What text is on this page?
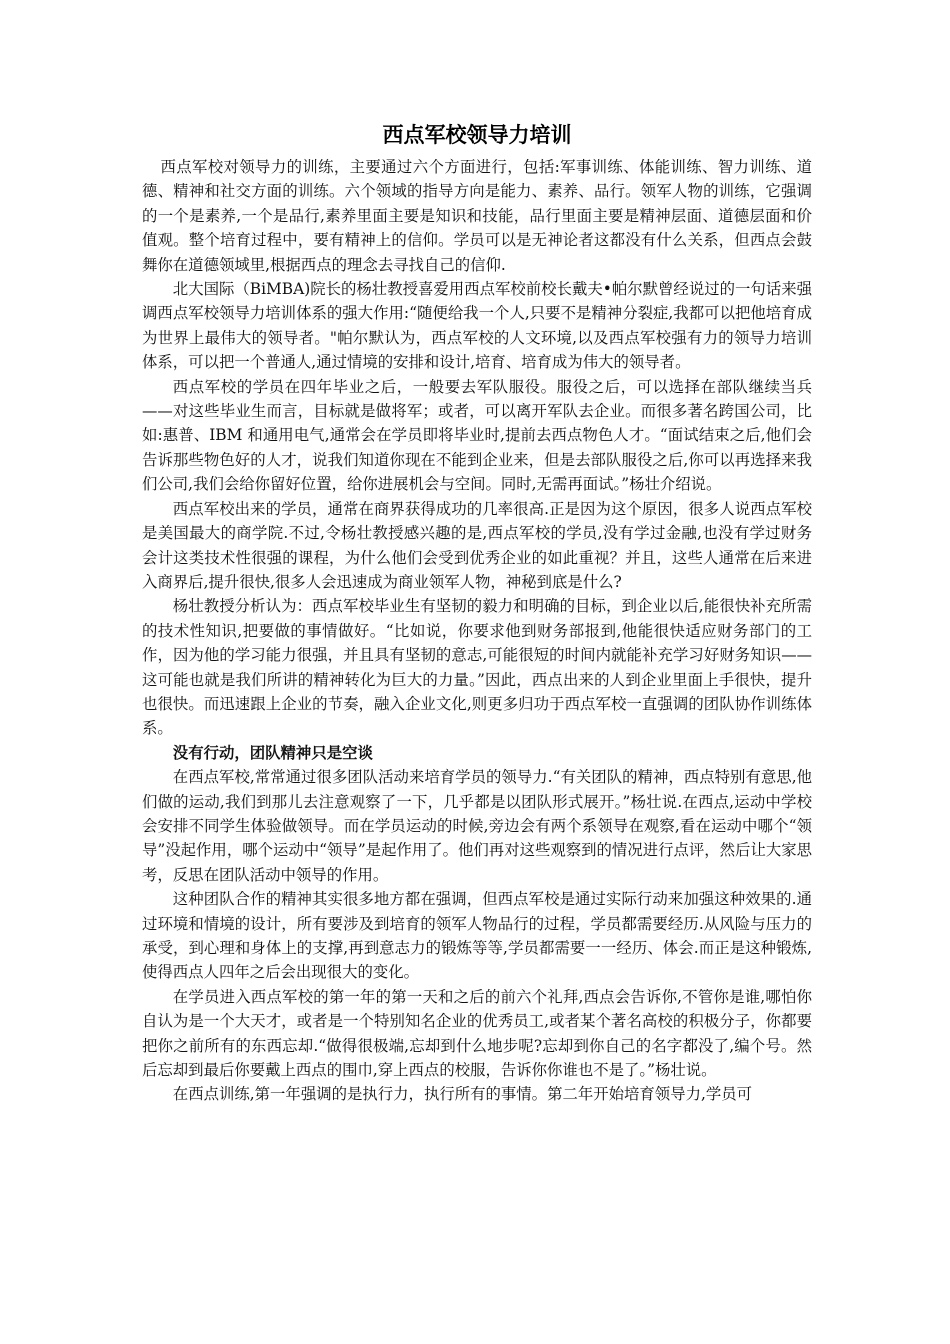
西点军校领导力培训

西点军校对领导力的训练，主要通过六个方面进行，包括:军事训练、体能训练、智力训练、道德、精神和社交方面的训练。六个领域的指导方向是能力、素养、品行。领军人物的训练，它强调的一个是素养,一个是品行,素养里面主要是知识和技能，品行里面主要是精神层面、道德层面和价值观。整个培育过程中，要有精神上的信仰。学员可以是无神论者这都没有什么关系，但西点会鼓舞你在道德领域里,根据西点的理念去寻找自己的信仰.

北大国际（BiMBA)院长的杨壮教授喜爱用西点军校前校长戴夫•帕尔默曾经说过的一句话来强调西点军校领导力培训体系的强大作用:“随便给我一个人,只要不是精神分裂症,我都可以把他培育成为世界上最伟大的领导者。"帕尔默认为，西点军校的人文环境,以及西点军校强有力的领导力培训体系，可以把一个普通人,通过情境的安排和设计,培育、培育成为伟大的领导者。

西点军校的学员在四年毕业之后，一般要去军队服役。服役之后，可以选择在部队继续当兵——对这些毕业生而言，目标就是做将军；或者，可以离开军队去企业。而很多著名跨国公司，比如:惠普、IBM 和通用电气,通常会在学员即将毕业时,提前去西点物色人才。“面试结束之后,他们会告诉那些物色好的人才，说我们知道你现在不能到企业来，但是去部队服役之后,你可以再选择来我们公司,我们会给你留好位置，给你进展机会与空间。同时,无需再面试。”杨壮介绍说。

西点军校出来的学员，通常在商界获得成功的几率很高.正是因为这个原因，很多人说西点军校是美国最大的商学院.不过,令杨壮教授感兴趣的是,西点军校的学员,没有学过金融,也没有学过财务会计这类技术性很强的课程，为什么他们会受到优秀企业的如此重视？并且，这些人通常在后来进入商界后,提升很快,很多人会迅速成为商业领军人物，神秘到底是什么?

杨壮教授分析认为：西点军校毕业生有坚韧的毅力和明确的目标，到企业以后,能很快补充所需的技术性知识,把要做的事情做好。“比如说，你要求他到财务部报到,他能很快适应财务部门的工作，因为他的学习能力很强，并且具有坚韧的意志,可能很短的时间内就能补充学习好财务知识——这可能也就是我们所讲的精神转化为巨大的力量。”因此，西点出来的人到企业里面上手很快，提升也很快。而迅速跟上企业的节奏，融入企业文化,则更多归功于西点军校一直强调的团队协作训练体系。

没有行动，团队精神只是空谈

在西点军校,常常通过很多团队活动来培育学员的领导力.“有关团队的精神，西点特别有意思,他们做的运动,我们到那儿去注意观察了一下，几乎都是以团队形式展开。”杨壮说.在西点,运动中学校会安排不同学生体验做领导。而在学员运动的时候,旁边会有两个系领导在观察,看在运动中哪个“领导”没起作用，哪个运动中“领导”是起作用了。他们再对这些观察到的情况进行点评，然后让大家思考，反思在团队活动中领导的作用。

这种团队合作的精神其实很多地方都在强调，但西点军校是通过实际行动来加强这种效果的.通过环境和情境的设计，所有要涉及到培育的领军人物品行的过程，学员都需要经历.从风险与压力的承受，到心理和身体上的支撑,再到意志力的锻炼等等,学员都需要一一经历、体会.而正是这种锻炼,使得西点人四年之后会出现很大的变化。

在学员进入西点军校的第一年的第一天和之后的前六个礼拜,西点会告诉你,不管你是谁,哪怕你自认为是一个大天才，或者是一个特别知名企业的优秀员工,或者某个著名高校的积极分子，你都要把你之前所有的东西忘却.“做得很极端,忘却到什么地步呢?忘却到你自己的名字都没了,编个号。然后忘却到最后你要戴上西点的围巾,穿上西点的校服，告诉你你谁也不是了。”杨壮说。

在西点训练,第一年强调的是执行力，执行所有的事情。第二年开始培育领导力,学员可
